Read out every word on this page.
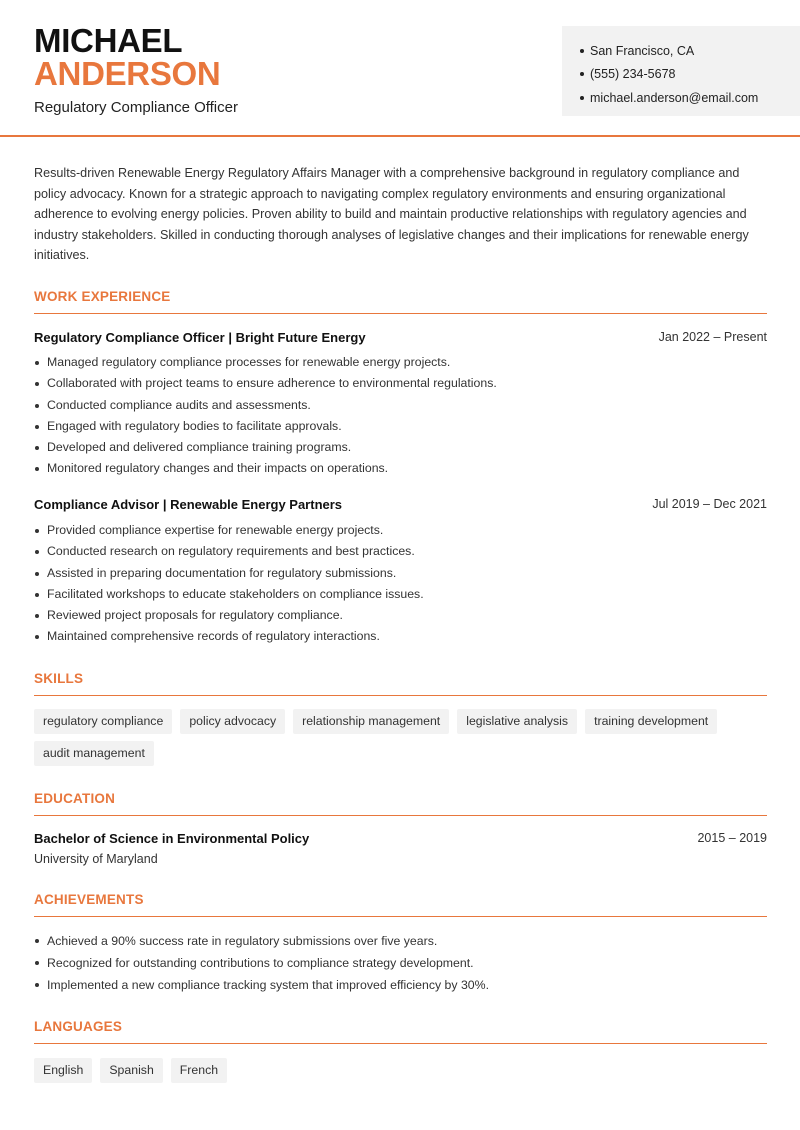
MICHAEL
ANDERSON
Regulatory Compliance Officer
San Francisco, CA
(555) 234-5678
michael.anderson@email.com
Results-driven Renewable Energy Regulatory Affairs Manager with a comprehensive background in regulatory compliance and policy advocacy. Known for a strategic approach to navigating complex regulatory environments and ensuring organizational adherence to evolving energy policies. Proven ability to build and maintain productive relationships with regulatory agencies and industry stakeholders. Skilled in conducting thorough analyses of legislative changes and their implications for renewable energy initiatives.
WORK EXPERIENCE
Regulatory Compliance Officer | Bright Future Energy	Jan 2022 – Present
Managed regulatory compliance processes for renewable energy projects.
Collaborated with project teams to ensure adherence to environmental regulations.
Conducted compliance audits and assessments.
Engaged with regulatory bodies to facilitate approvals.
Developed and delivered compliance training programs.
Monitored regulatory changes and their impacts on operations.
Compliance Advisor | Renewable Energy Partners	Jul 2019 – Dec 2021
Provided compliance expertise for renewable energy projects.
Conducted research on regulatory requirements and best practices.
Assisted in preparing documentation for regulatory submissions.
Facilitated workshops to educate stakeholders on compliance issues.
Reviewed project proposals for regulatory compliance.
Maintained comprehensive records of regulatory interactions.
SKILLS
regulatory compliance	policy advocacy	relationship management	legislative analysis	training development
audit management
EDUCATION
Bachelor of Science in Environmental Policy	2015 – 2019
University of Maryland
ACHIEVEMENTS
Achieved a 90% success rate in regulatory submissions over five years.
Recognized for outstanding contributions to compliance strategy development.
Implemented a new compliance tracking system that improved efficiency by 30%.
LANGUAGES
English	Spanish	French
